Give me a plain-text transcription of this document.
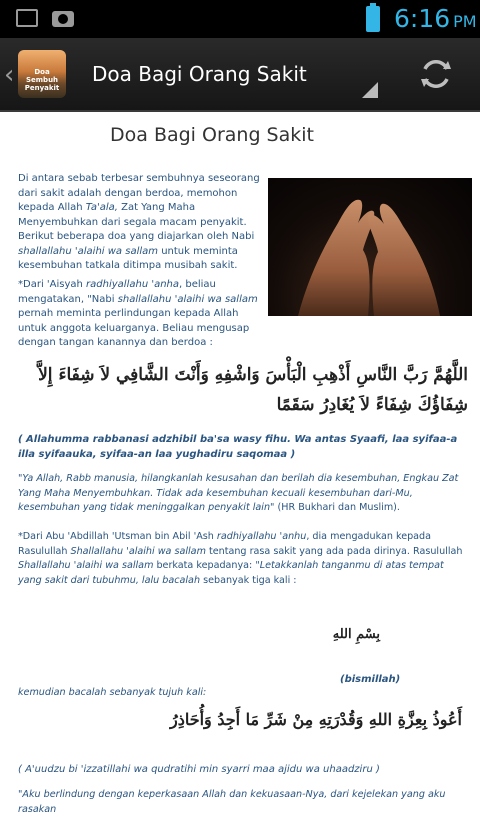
6:16 PM
‹	Doa Sembuh Penyakit
Doa Bagi Orang Sakit
Doa Bagi Orang Sakit
Di antara sebab terbesar sembuhnya seseorang dari sakit adalah dengan berdoa, memohon kepada Allah Ta'ala, Zat Yang Maha Menyembuhkan dari segala macam penyakit. Berikut beberapa doa yang diajarkan oleh Nabi shallallahu 'alaihi wa sallam untuk meminta kesembuhan tatkala ditimpa musibah sakit.
*Dari 'Aisyah radhiyallahu 'anha, beliau mengatakan, "Nabi shallallahu 'alaihi wa sallam pernah meminta perlindungan kepada Allah untuk anggota keluarganya. Beliau mengusap dengan tangan kanannya dan berdoa :
اللَّهُمَّ رَبَّ النَّاسِ أَذْهِبِ الْبَأْسَ وَاشْفِهِ وَأَنْتَ الشَّافِي لاَ شِفَاءَ إِلاَّ شِفَاؤُكَ شِفَاءً لاَ يُغَادِرُ سَقَمًا
( Allahumma rabbanasi adzhibil ba'sa wasy fihu. Wa antas Syaafi, laa syifaa-a illa syifaauka, syifaa-an laa yughadiru saqomaa )
"Ya Allah, Rabb manusia, hilangkanlah kesusahan dan berilah dia kesembuhan, Engkau Zat Yang Maha Menyembuhkan. Tidak ada kesembuhan kecuali kesembuhan dari-Mu, kesembuhan yang tidak meninggalkan penyakit lain" (HR Bukhari dan Muslim).
*Dari Abu 'Abdillah 'Utsman bin Abil 'Ash radhiyallahu 'anhu, dia mengadukan kepada Rasulullah Shallallahu 'alaihi wa sallam tentang rasa sakit yang ada pada dirinya. Rasulullah Shallallahu 'alaihi wa sallam berkata kepadanya: "Letakkanlah tanganmu di atas tempat yang sakit dari tubuhmu, lalu bacalah sebanyak tiga kali :
بِسْمِ اللهِ
(bismillah)
kemudian bacalah sebanyak tujuh kali:
أَعُوذُ بِعِزَّةِ اللهِ وَقُدْرَتِهِ مِنْ شَرِّ مَا أَجِدُ وَأُحَاذِرُ
( A'uudzu bi 'izzatillahi wa qudratihi min syarri maa ajidu wa uhaadziru )
"Aku berlindung dengan keperkasaan Allah dan kekuasaan-Nya, dari kejelekan yang aku rasakan
